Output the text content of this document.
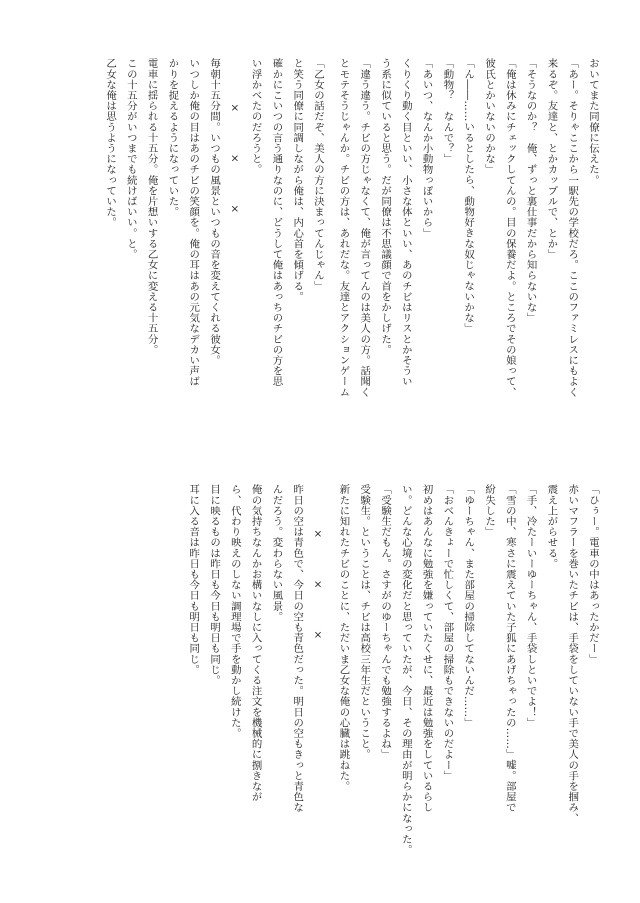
おいてまた同僚に伝えた。

「あー。そりゃここから一駅先の学校だろ。ここのファミレスにもよく

来るぞ。友達と、とかカップルで、とか」

「そうなのか？　俺、ずっと裏仕事だから知らないな」

「俺は休みにチェックしてんの。目の保養だよ。ところでその娘って、

彼氏とかいないのかな」

「ん――……いるとしたら、動物好きな奴じゃないかな」

「動物？　なんで？」

「あいつ、なんか小動物っぽいから」

くりくり動く目といい、小さな体といい、あのチビはリスとかそうい

う系に似ていると思う。だが同僚は不思議顔で首をかしげた。

「違う違う。チビの方じゃなくて、俺が言ってんのは美人の方。話聞く

とモテそうじゃんか。チビの方は、あれだな。友達とアクションゲーム

「乙女の話だぞ、美人の方に決まってんじゃん」

と笑う同僚に同調しながら俺は、内心首を傾げる。

確かにこいつの言う通りなのに、どうして俺はあっちのチビの方を思

い浮かべたのだろうと。

×　×　×

毎朝十五分間。いつもの風景といつもの音を変えてくれる彼女。

いつしか俺の目はあのチビの笑顔を。俺の耳はあの元気なデカい声ば

かりを捉えるようになっていた。

電車に揺られる十五分。俺を片想いする乙女に変える十五分。

この十五分がいつまでも続けばいい。と。

乙女な俺は思うようになっていた。

「ひぅー。電車の中はあったかだー」

赤いマフラーを巻いたチビは、手袋をしていない手で美人の手を掴み、

震え上がらせる。

「手、冷たーいーゆーちゃん、手袋しといでよ！」

「雪の中、寒さに震えていた子狐にあげちゃったの……」嘘。部屋で

紛失した」

「ゆーちゃん、また部屋の掃除してないんだ……」

「おべんきょーで忙しくて、部屋の掃除もできないのだよー」

初めはあんなに勉強を嫌っていたくせに、最近は勉強をしているらし

い。どんな心境の変化だと思っていたが、今日、その理由が明らかになった。

「受験生だもん。さすがのゆーちゃんでも勉強するよね」

受験生。ということは、チビは高校三年生だということ。

新たに知れたチビのことに、ただいま乙女な俺の心臓は跳ねた。

×　×　×

昨日の空は青色で、今日の空も青色だった。明日の空もきっと青色な

んだろう。変わらない風景。

俺の気持ちなんかお構いなしに入ってくる注文を機械的に捌きなが

ら、代わり映えのしない調理場で手を動かし続けた。

目に映るものは昨日も今日も明日も同じ。

耳に入る音は昨日も今日も明日も同じ。
